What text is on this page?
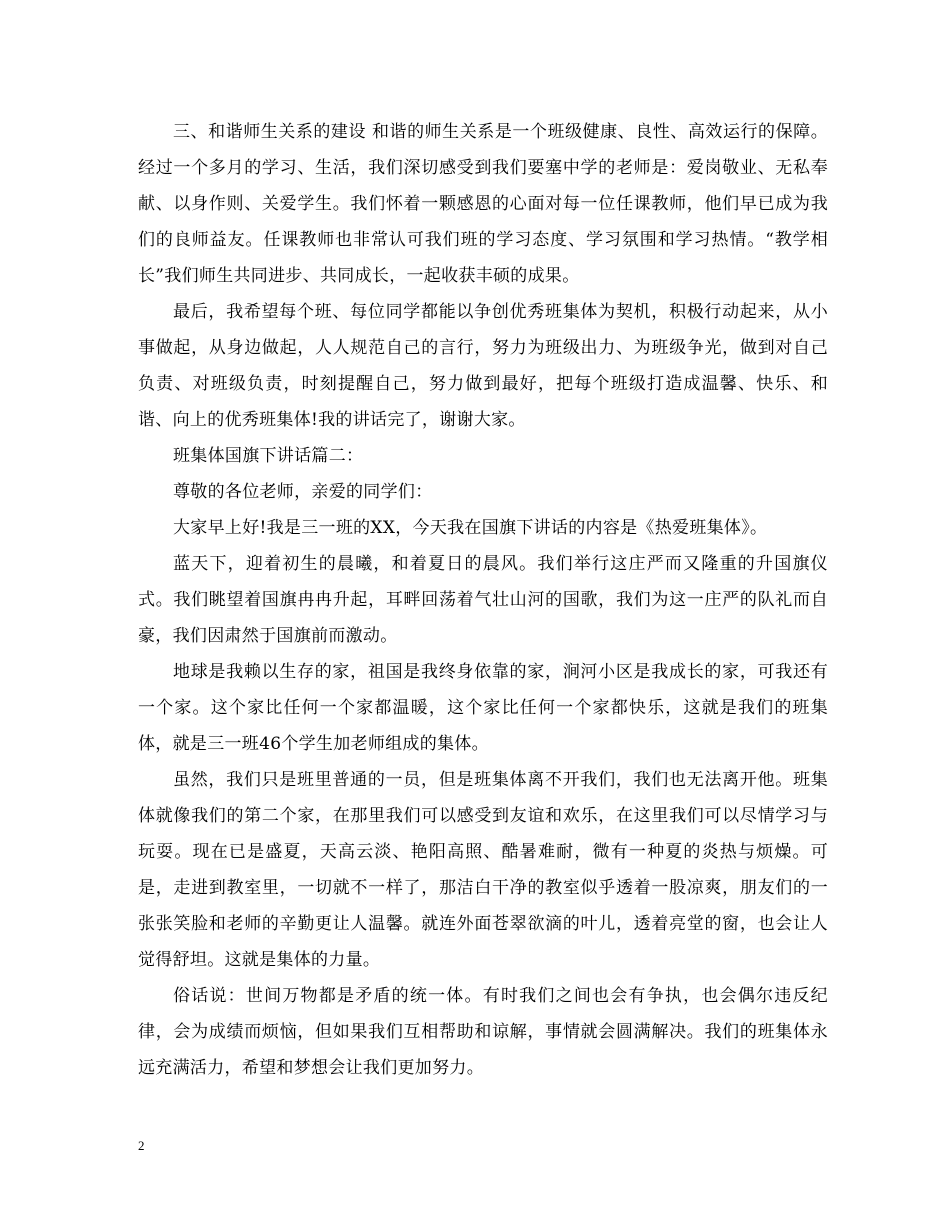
三、和谐师生关系的建设 和谐的师生关系是一个班级健康、良性、高效运行的保障。经过一个多月的学习、生活，我们深切感受到我们要塞中学的老师是：爱岗敬业、无私奉献、以身作则、关爱学生。我们怀着一颗感恩的心面对每一位任课教师，他们早已成为我们的良师益友。任课教师也非常认可我们班的学习态度、学习氛围和学习热情。“教学相长”我们师生共同进步、共同成长，一起收获丰硕的成果。

最后，我希望每个班、每位同学都能以争创优秀班集体为契机，积极行动起来，从小事做起，从身边做起，人人规范自己的言行，努力为班级出力、为班级争光，做到对自己负责、对班级负责，时刻提醒自己，努力做到最好，把每个班级打造成温馨、快乐、和谐、向上的优秀班集体!我的讲话完了，谢谢大家。

班集体国旗下讲话篇二：

尊敬的各位老师，亲爱的同学们：

大家早上好!我是三一班的XX，今天我在国旗下讲话的内容是《热爱班集体》。

蓝天下，迎着初生的晨曦，和着夏日的晨风。我们举行这庄严而又隆重的升国旗仪式。我们眺望着国旗冉冉升起，耳畔回荡着气壮山河的国歌，我们为这一庄严的队礼而自豪，我们因肃然于国旗前而激动。

地球是我赖以生存的家，祖国是我终身依靠的家，涧河小区是我成长的家，可我还有一个家。这个家比任何一个家都温暖，这个家比任何一个家都快乐，这就是我们的班集体，就是三一班46个学生加老师组成的集体。

虽然，我们只是班里普通的一员，但是班集体离不开我们，我们也无法离开他。班集体就像我们的第二个家，在那里我们可以感受到友谊和欢乐，在这里我们可以尽情学习与玩耍。现在已是盛夏，天高云淡、艳阳高照、酷暑难耐，微有一种夏的炎热与烦燥。可是，走进到教室里，一切就不一样了，那洁白干净的教室似乎透着一股凉爽，朋友们的一张张笑脸和老师的辛勤更让人温馨。就连外面苍翠欲滴的叶儿，透着亮堂的窗，也会让人觉得舒坦。这就是集体的力量。

俗话说：世间万物都是矛盾的统一体。有时我们之间也会有争执，也会偶尔违反纪律，会为成绩而烦恼，但如果我们互相帮助和谅解，事情就会圆满解决。我们的班集体永远充满活力，希望和梦想会让我们更加努力。

2
